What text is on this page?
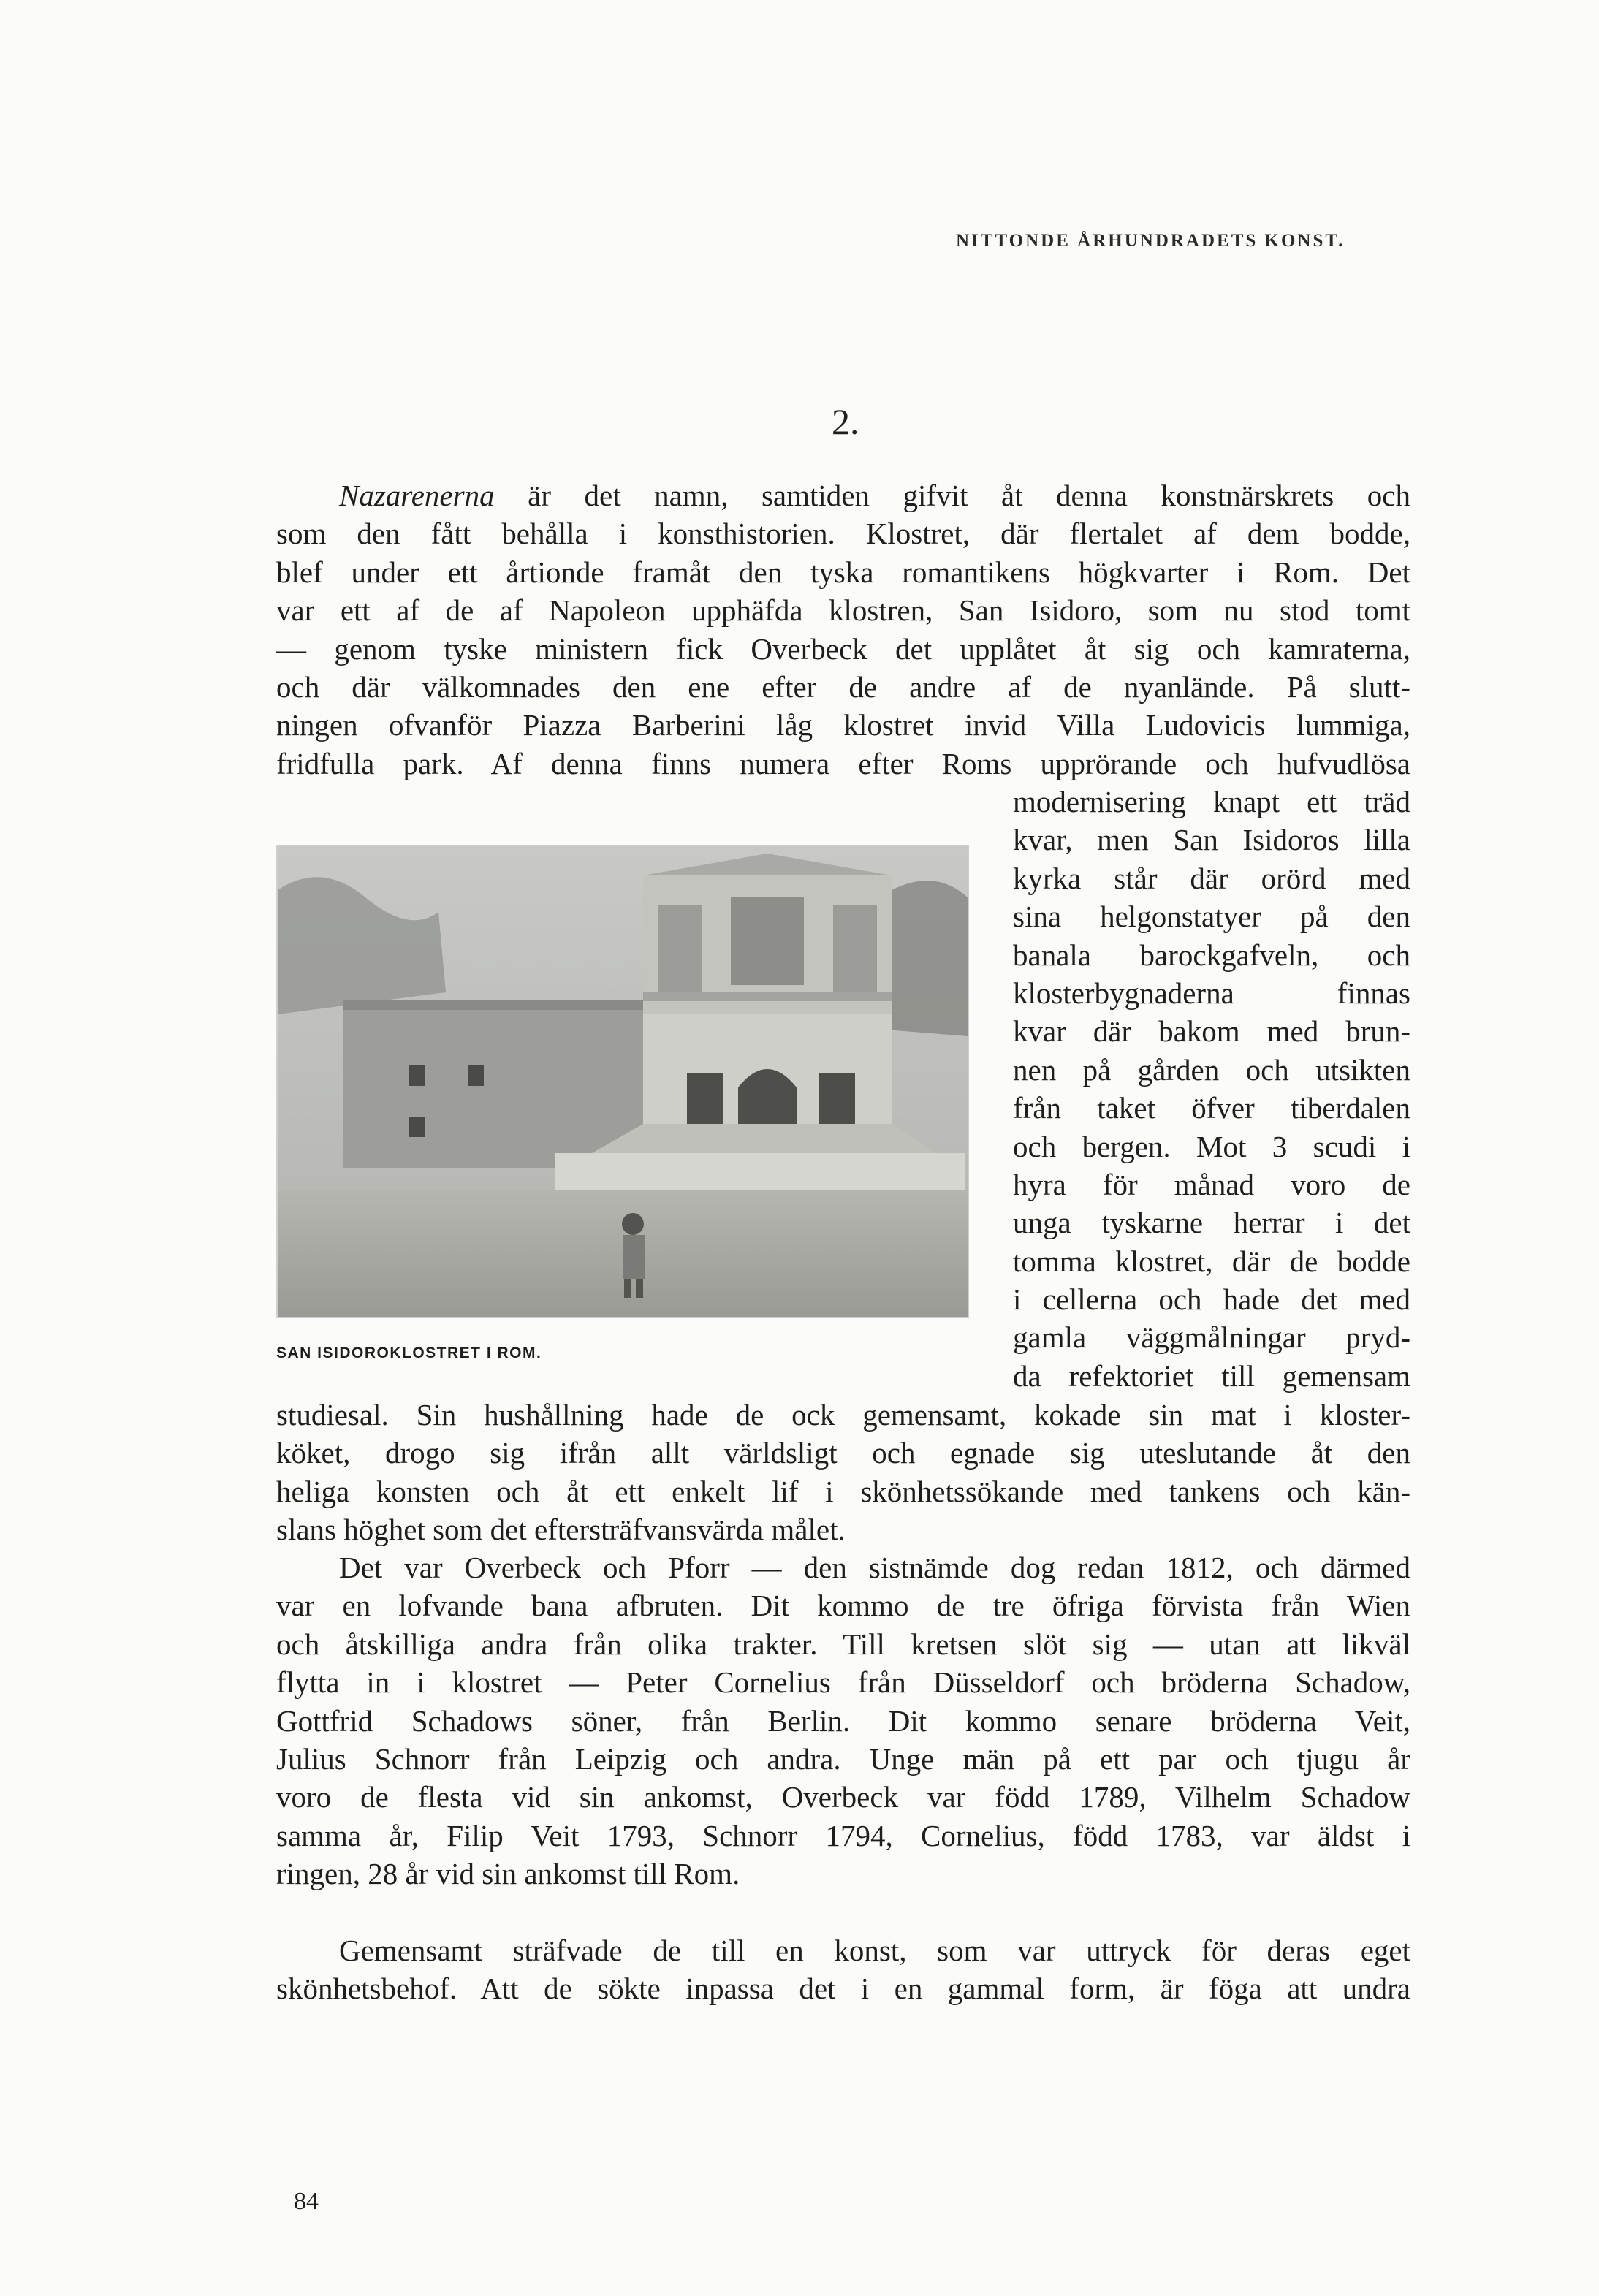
NITTONDE ÅRHUNDRADETS KONST.
2.
Nazarenerna är det namn, samtiden gifvit åt denna konstnärskrets och
som den fått behålla i konsthistorien. Klostret, där flertalet af dem bodde,
blef under ett årtionde framåt den tyska romantikens högkvarter i Rom. Det
var ett af de af Napoleon upphäfda klostren, San Isidoro, som nu stod tomt
— genom tyske ministern fick Overbeck det upplåtet åt sig och kamraterna,
och där välkomnades den ene efter de andre af de nyanlände. På slutt-
ningen ofvanför Piazza Barberini låg klostret invid Villa Ludovicis lummiga,
fridfulla park. Af denna finns numera efter Roms upprörande och hufvudlösa
modernisering knapt ett träd
kvar, men San Isidoros lilla
kyrka står där orörd med
sina helgonstatyer på den
banala barockgafveln, och
klosterbygnaderna finnas
kvar där bakom med brun-
nen på gården och utsikten
från taket öfver tiberdalen
och bergen. Mot 3 scudi i
hyra för månad voro de
unga tyskarne herrar i det
tomma klostret, där de bodde
i cellerna och hade det med
gamla väggmålningar pryd-
da refektoriet till gemensam
studiesal. Sin hushållning hade de ock gemensamt, kokade sin mat i kloster-
köket, drogo sig ifrån allt världsligt och egnade sig uteslutande åt den
heliga konsten och åt ett enkelt lif i skönhetssökande med tankens och kän-
slans höghet som det eftersträfvansvärda målet.
Det var Overbeck och Pforr — den sistnämde dog redan 1812, och därmed
var en lofvande bana afbruten. Dit kommo de tre öfriga förvista från Wien
och åtskilliga andra från olika trakter. Till kretsen slöt sig — utan att likväl
flytta in i klostret — Peter Cornelius från Düsseldorf och bröderna Schadow,
Gottfrid Schadows söner, från Berlin. Dit kommo senare bröderna Veit,
Julius Schnorr från Leipzig och andra. Unge män på ett par och tjugu år
voro de flesta vid sin ankomst, Overbeck var född 1789, Vilhelm Schadow
samma år, Filip Veit 1793, Schnorr 1794, Cornelius, född 1783, var äldst i
ringen, 28 år vid sin ankomst till Rom.
Gemensamt sträfvade de till en konst, som var uttryck för deras eget
skönhetsbehof. Att de sökte inpassa det i en gammal form, är föga att undra
SAN ISIDOROKLOSTRET I ROM.
84
